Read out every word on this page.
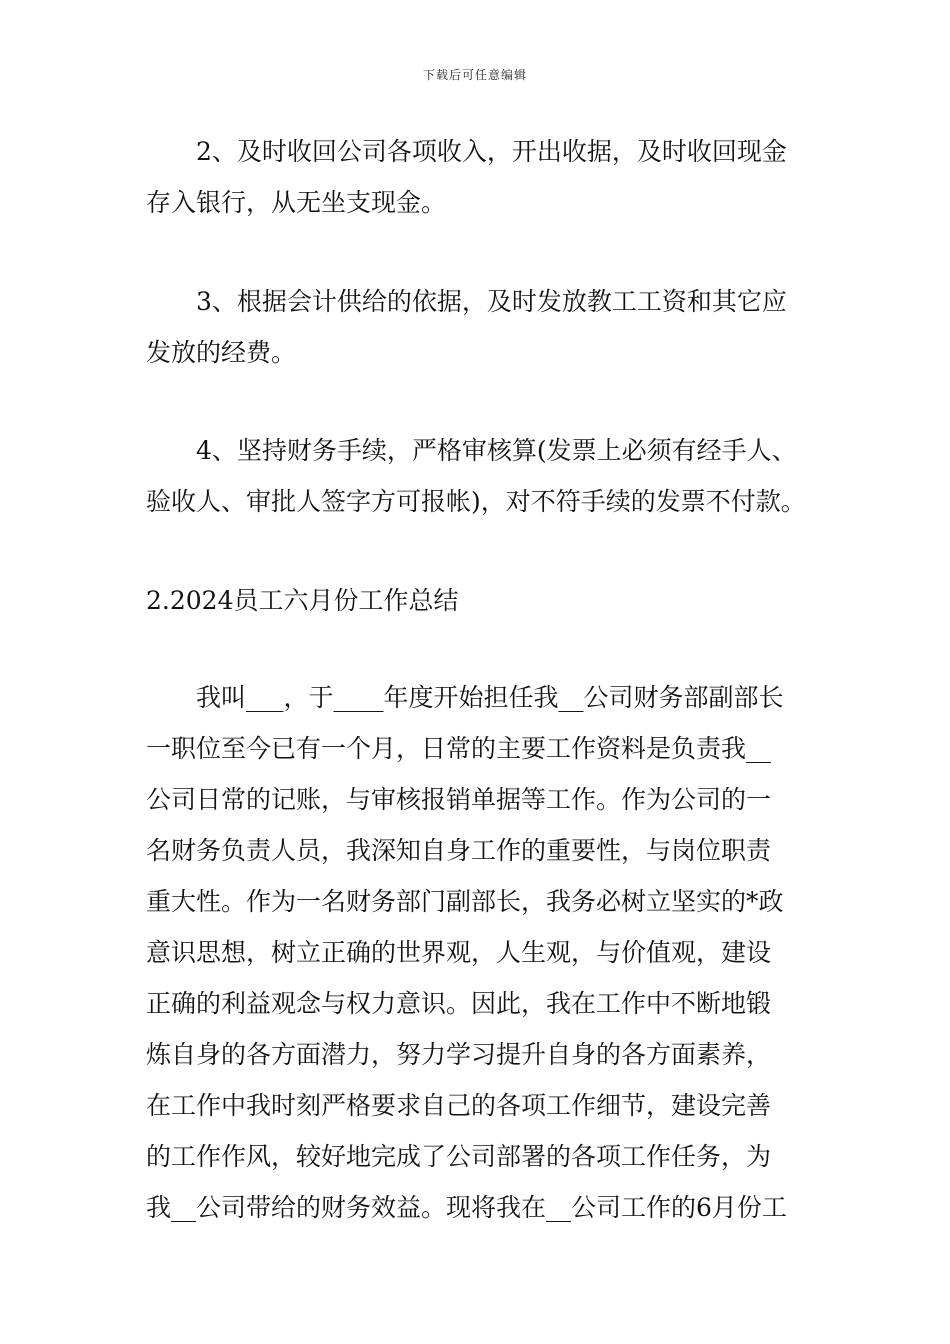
下载后可任意编辑

　　2、及时收回公司各项收入，开出收据，及时收回现金
存入银行，从无坐支现金。

　　3、根据会计供给的依据，及时发放教工工资和其它应
发放的经费。

　　4、坚持财务手续，严格审核算(发票上必须有经手人、
验收人、审批人签字方可报帐)，对不符手续的发票不付款。

2.2024员工六月份工作总结

　　我叫___，于____年度开始担任我__公司财务部副部长
一职位至今已有一个月，日常的主要工作资料是负责我__
公司日常的记账，与审核报销单据等工作。作为公司的一
名财务负责人员，我深知自身工作的重要性，与岗位职责
重大性。作为一名财务部门副部长，我务必树立坚实的*政
意识思想，树立正确的世界观，人生观，与价值观，建设
正确的利益观念与权力意识。因此，我在工作中不断地锻
炼自身的各方面潜力，努力学习提升自身的各方面素养，
在工作中我时刻严格要求自己的各项工作细节，建设完善
的工作作风，较好地完成了公司部署的各项工作任务，为
我__公司带给的财务效益。现将我在__公司工作的6月份工
